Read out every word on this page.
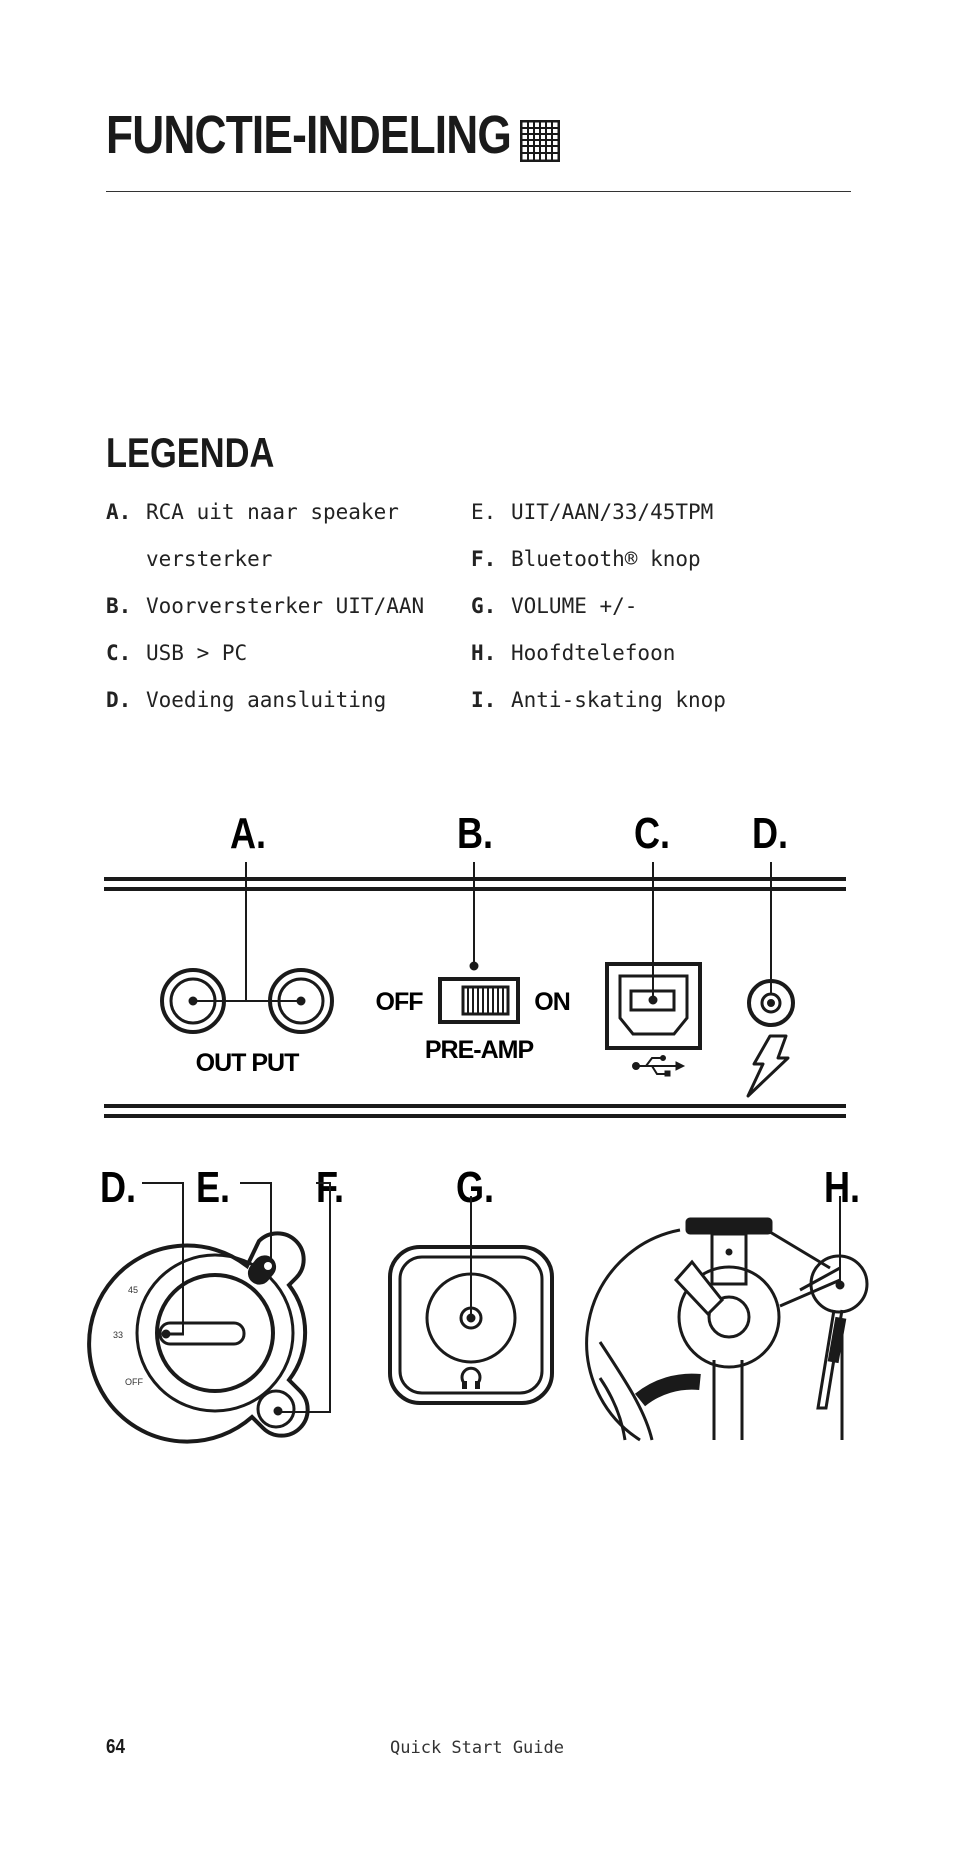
FUNCTIE-INDELING
LEGENDA
A. RCA uit naar speaker
versterker
B. Voorversterker UIT/AAN
C. USB > PC
D. Voeding aansluiting
E. UIT/AAN/33/45TPM
F. Bluetooth® knop
G. VOLUME +/-
H. Hoofdtelefoon
I. Anti-skating knop
A.	B.	C. D.
OUT PUT
OFF	ON
PRE-AMP
D. E. F.	G.	H.
45
33
OFF
64	Quick Start Guide
